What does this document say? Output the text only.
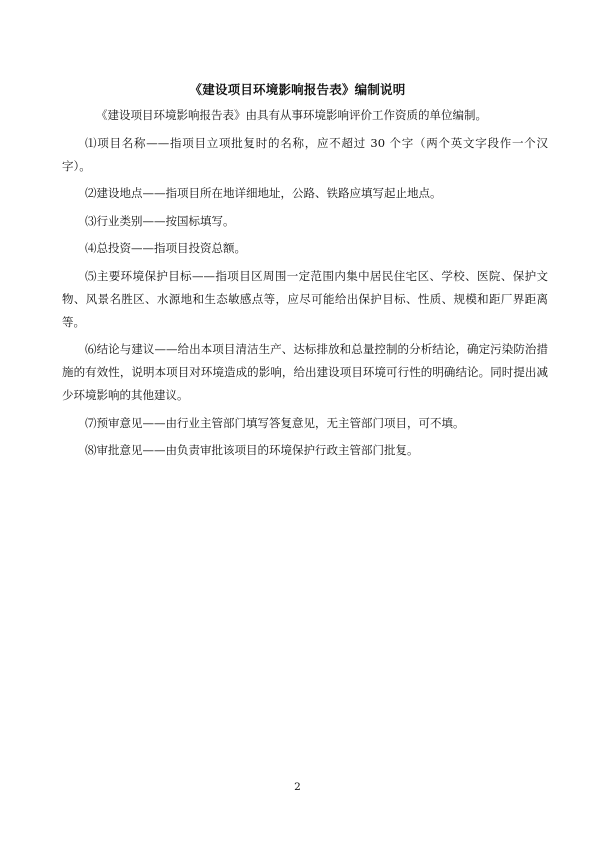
《建设项目环境影响报告表》编制说明

《建设项目环境影响报告表》由具有从事环境影响评价工作资质的单位编制。

⑴项目名称——指项目立项批复时的名称，应不超过 30 个字（两个英文字段作一个汉字）。

⑵建设地点——指项目所在地详细地址，公路、铁路应填写起止地点。

⑶行业类别——按国标填写。

⑷总投资——指项目投资总额。

⑸主要环境保护目标——指项目区周围一定范围内集中居民住宅区、学校、医院、保护文物、风景名胜区、水源地和生态敏感点等，应尽可能给出保护目标、性质、规模和距厂界距离等。

⑹结论与建议——给出本项目清洁生产、达标排放和总量控制的分析结论，确定污染防治措施的有效性，说明本项目对环境造成的影响，给出建设项目环境可行性的明确结论。同时提出减少环境影响的其他建议。

⑺预审意见——由行业主管部门填写答复意见，无主管部门项目，可不填。

⑻审批意见——由负责审批该项目的环境保护行政主管部门批复。

2
